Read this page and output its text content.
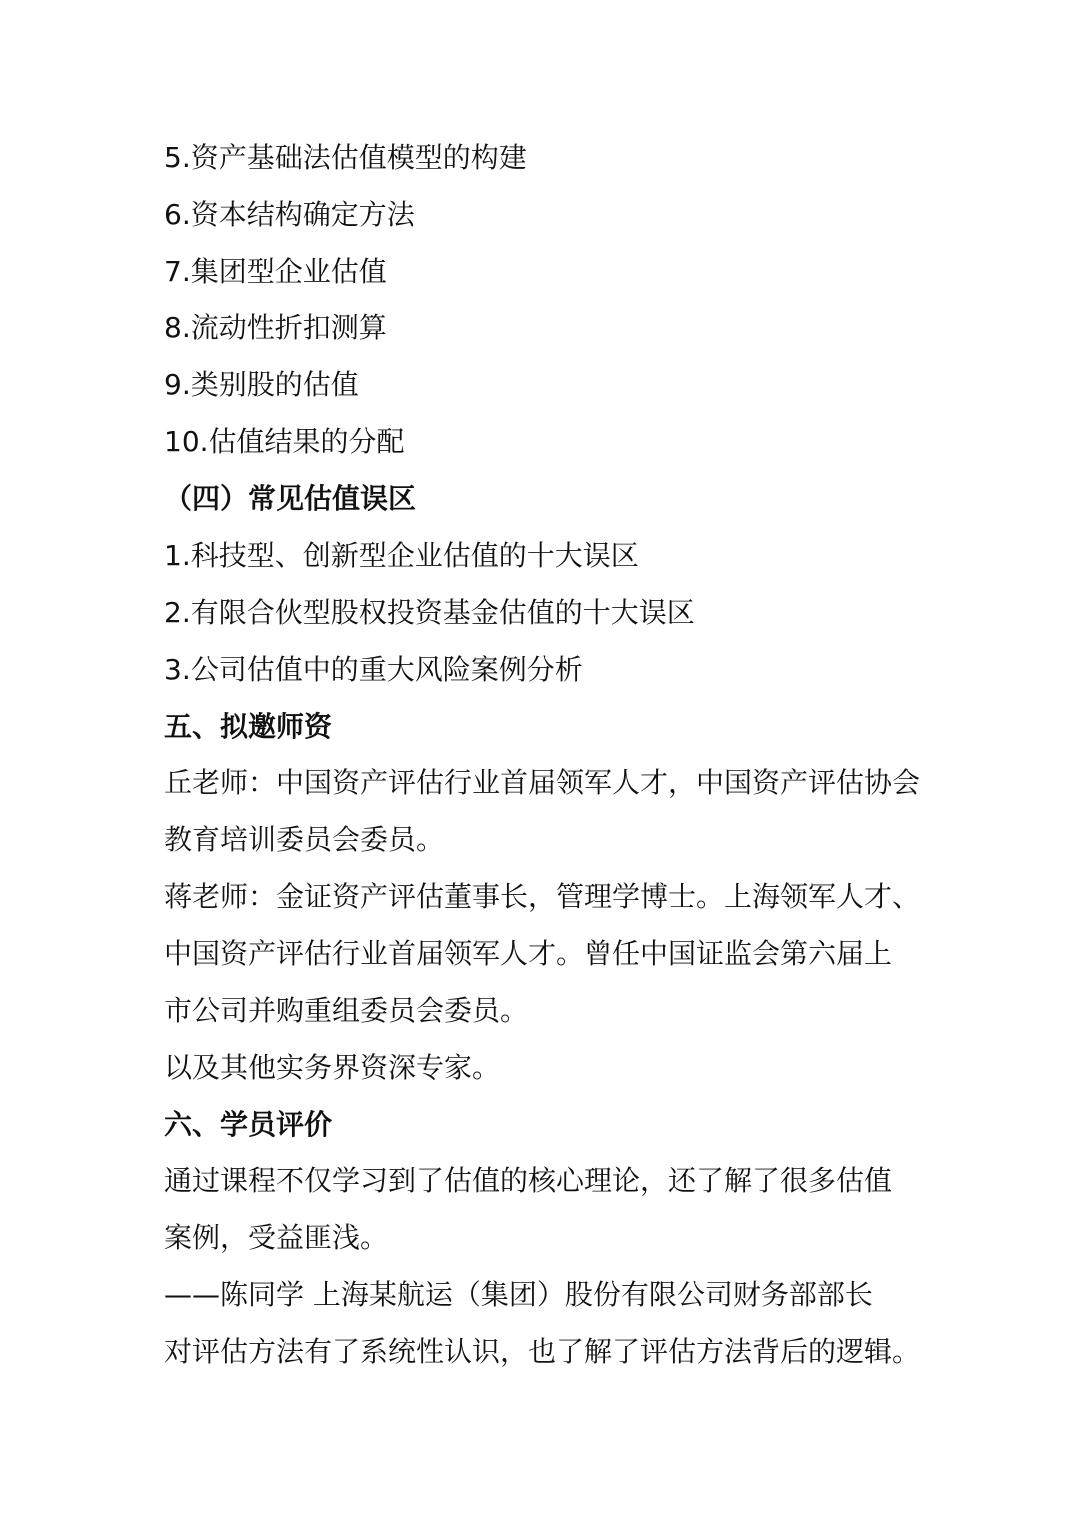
5.资产基础法估值模型的构建
6.资本结构确定方法
7.集团型企业估值
8.流动性折扣测算
9.类别股的估值
10.估值结果的分配
（四）常见估值误区
1.科技型、创新型企业估值的十大误区
2.有限合伙型股权投资基金估值的十大误区
3.公司估值中的重大风险案例分析
五、拟邀师资
丘老师：中国资产评估行业首届领军人才，中国资产评估协会
教育培训委员会委员。
蒋老师：金证资产评估董事长，管理学博士。上海领军人才、
中国资产评估行业首届领军人才。曾任中国证监会第六届上
市公司并购重组委员会委员。
以及其他实务界资深专家。
六、学员评价
通过课程不仅学习到了估值的核心理论，还了解了很多估值
案例，受益匪浅。
——陈同学 上海某航运（集团）股份有限公司财务部部长
对评估方法有了系统性认识，也了解了评估方法背后的逻辑。
